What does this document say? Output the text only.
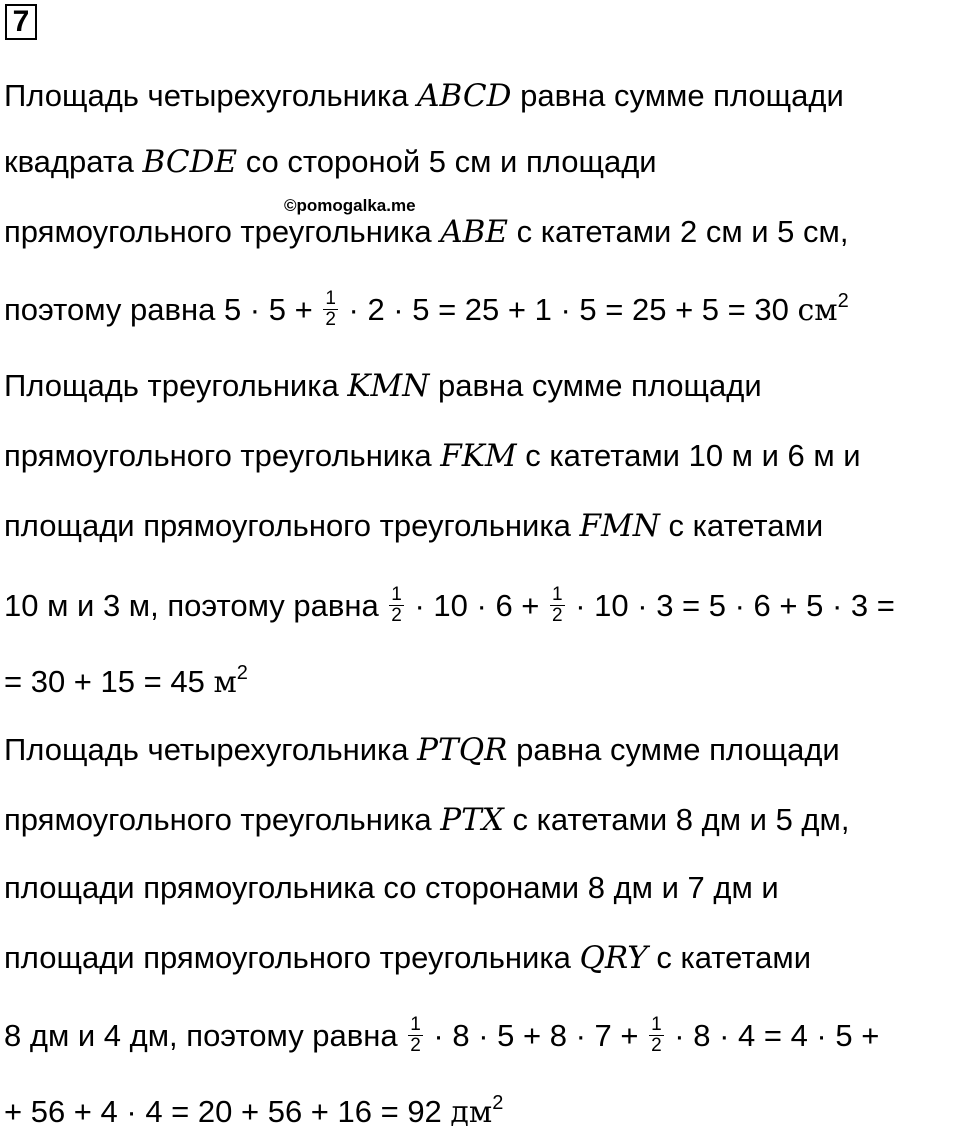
7
©pomogalka.me
Площадь четырехугольника ABCD равна сумме площади
квадрата BCDE со стороной 5 см и площади
прямоугольного треугольника ABE с катетами 2 см и 5 см,
поэтому равна $5 \cdot 5 + \frac{1}{2} \cdot 2 \cdot 5 = 25 + 1 \cdot 5 = 25 + 5 = 30$ $см^2$
Площадь треугольника KMN равна сумме площади
прямоугольного треугольника FKM с катетами 10 м и 6 м и
площади прямоугольного треугольника FMN с катетами
10 м и 3 м, поэтому равна $\frac{1}{2} \cdot 10 \cdot 6 + \frac{1}{2} \cdot 10 \cdot 3 = 5 \cdot 6 + 5 \cdot 3$ =
= 30 + 15 = 45 $м^2$
Площадь четырехугольника PTQR равна сумме площади
прямоугольного треугольника PTX с катетами 8 дм и 5 дм,
площади прямоугольника со сторонами 8 дм и 7 дм и
площади прямоугольного треугольника QRY с катетами
8 дм и 4 дм, поэтому равна $\frac{1}{2} \cdot 8 \cdot 5 + 8 \cdot 7 + \frac{1}{2} \cdot 8 \cdot 4 = 4 \cdot 5$ +
+ 56 + 4 · 4 = 20 + 56 + 16 = 92 $дм^2$
